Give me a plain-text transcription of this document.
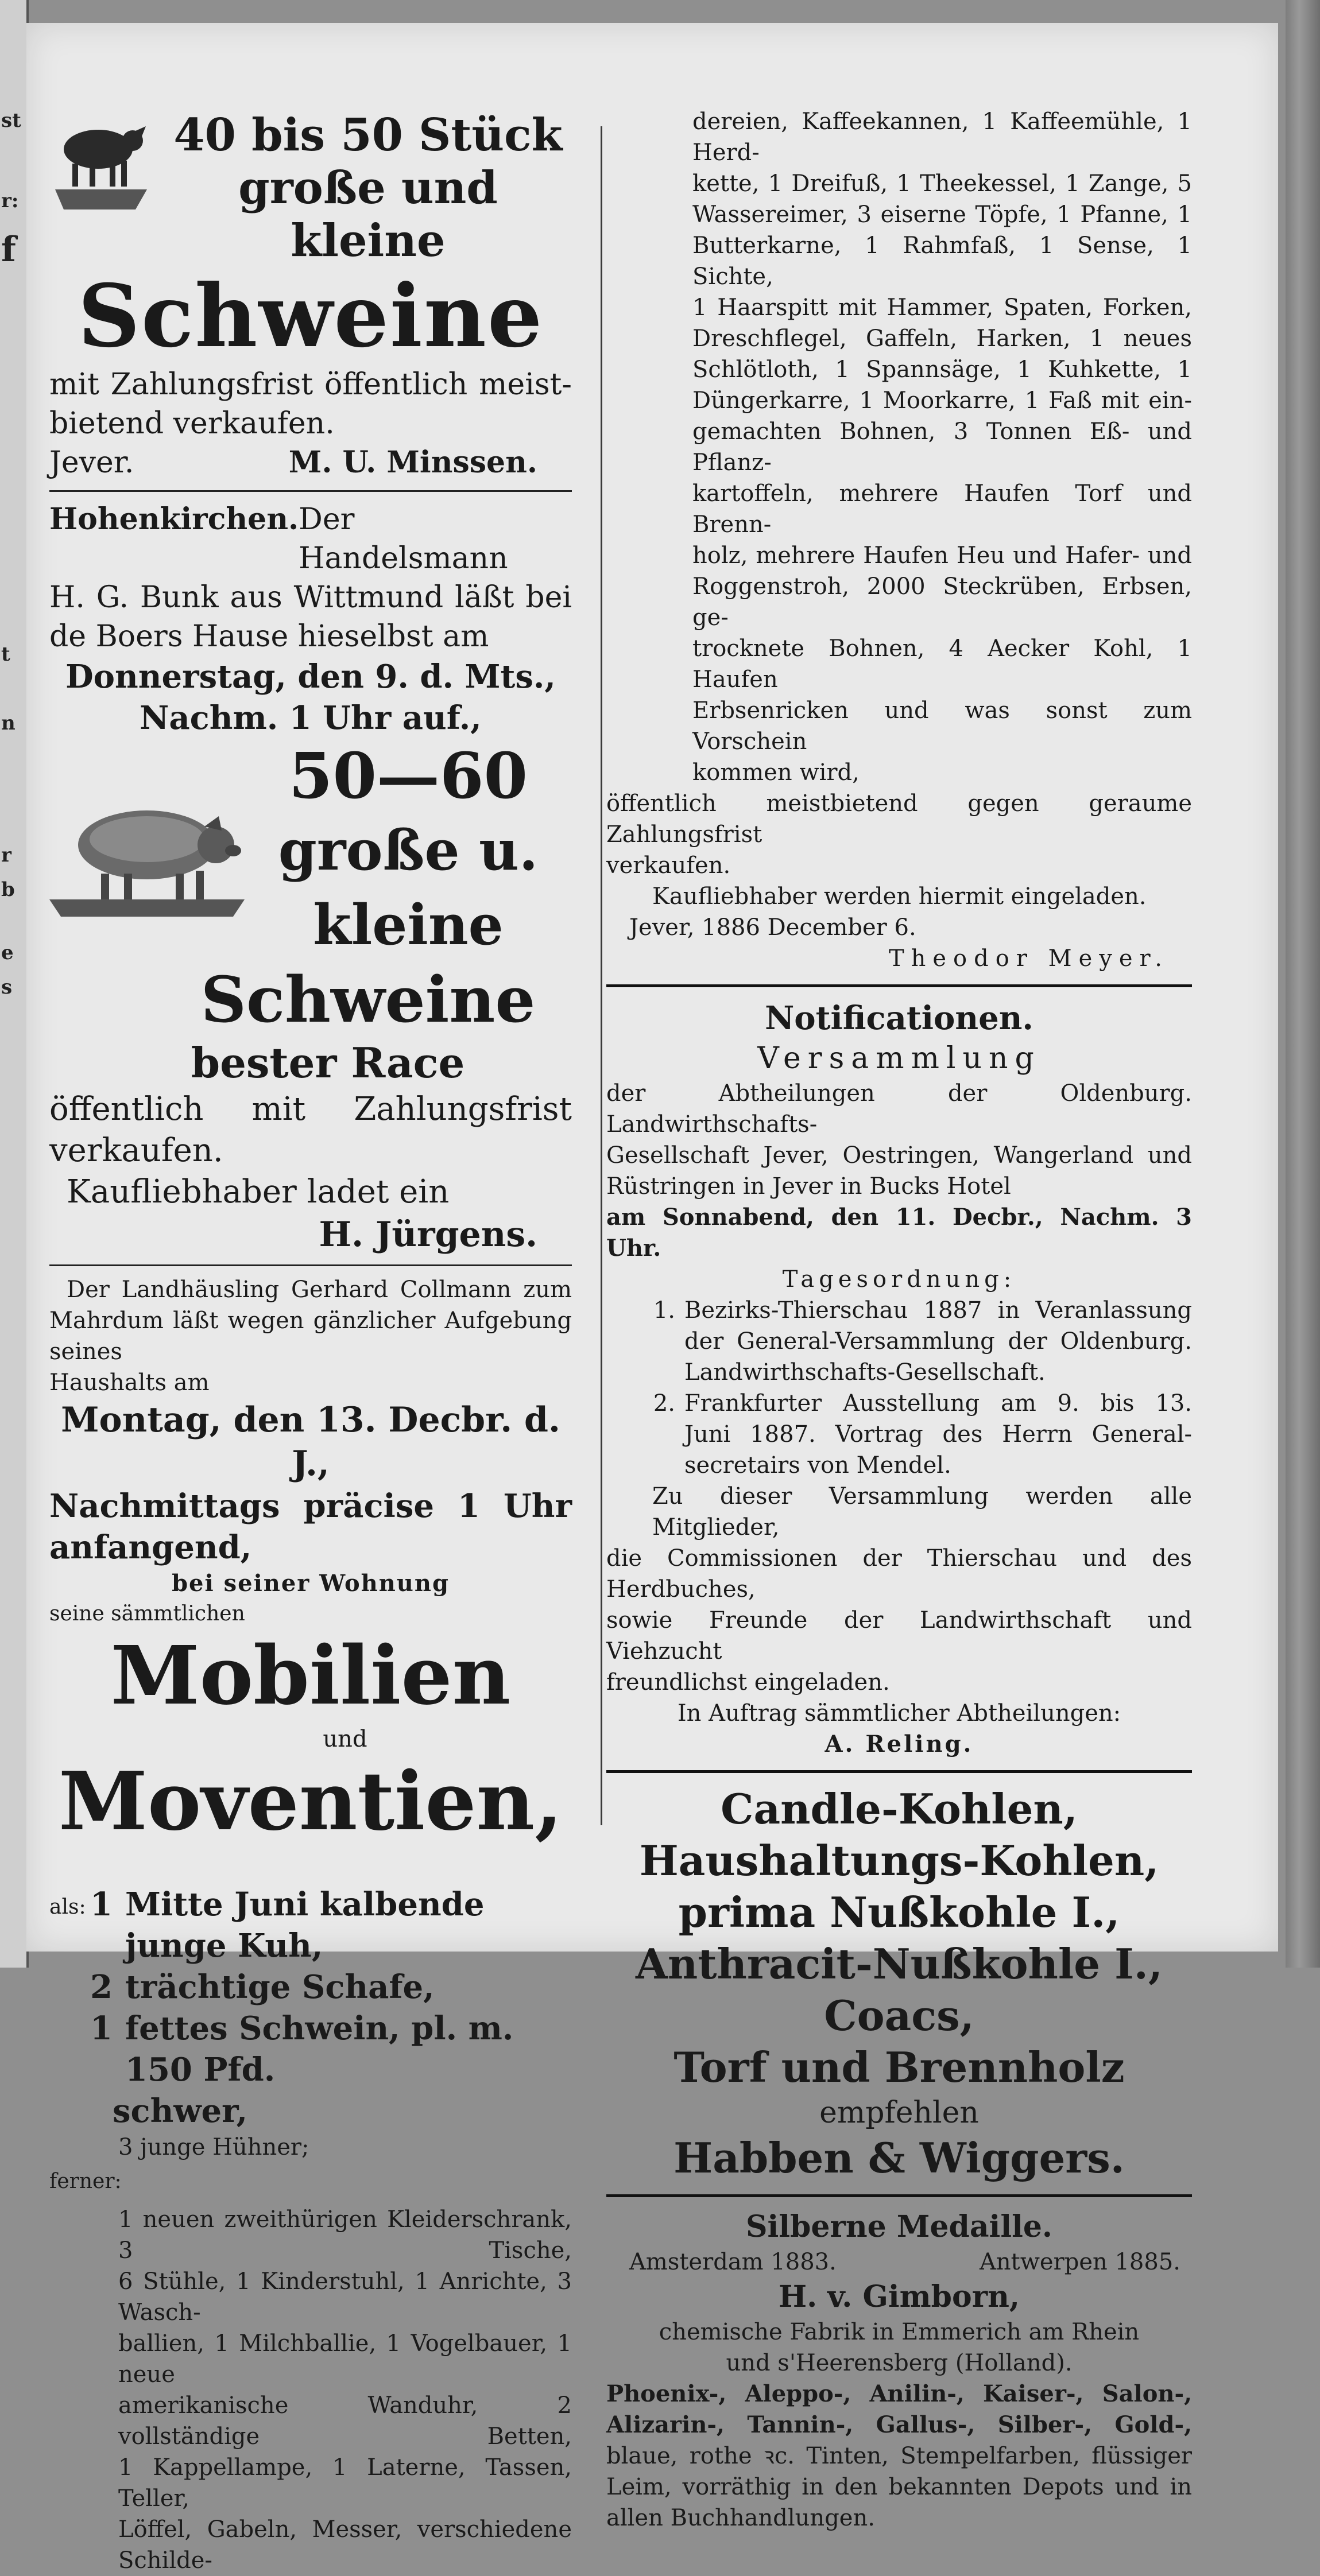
st
r:
f
t
n
r
b
e
s
40 bis 50 Stück
große und kleine
Schweine
mit Zahlungsfrist öffentlich meist-
bietend verkaufen.
Jever.	M. U. Minssen.
Hohenkirchen. Der Handelsmann
H. G. Bunk aus Wittmund läßt bei
de Boers Hause hieselbst am
Donnerstag, den 9. d. Mts.,
Nachm. 1 Uhr auf.,
50—60
große u. kleine
Schweine
bester Race
öffentlich mit Zahlungsfrist verkaufen.
Kaufliebhaber ladet ein
H. Jürgens.
Der Landhäusling Gerhard Collmann zum
Mahrdum läßt wegen gänzlicher Aufgebung seines
Haushalts am
Montag, den 13. Decbr. d. J.,
Nachmittags präcise 1 Uhr anfangend,
bei seiner Wohnung
seine sämmtlichen
Mobilien
und
Moventien,
als: 1 Mitte Juni kalbende junge Kuh,
2 trächtige Schafe,
1 fettes Schwein, pl. m. 150 Pfd.
schwer,
3 junge Hühner;
ferner:
1 neuen zweithürigen Kleiderschrank, 3 Tische,
6 Stühle, 1 Kinderstuhl, 1 Anrichte, 3 Wasch-
ballien, 1 Milchballie, 1 Vogelbauer, 1 neue
amerikanische Wanduhr, 2 vollständige Betten,
1 Kappellampe, 1 Laterne, Tassen, Teller,
Löffel, Gabeln, Messer, verschiedene Schilde-
dereien, Kaffeekannen, 1 Kaffeemühle, 1 Herd-
kette, 1 Dreifuß, 1 Theekessel, 1 Zange, 5
Wassereimer, 3 eiserne Töpfe, 1 Pfanne, 1
Butterkarne, 1 Rahmfaß, 1 Sense, 1 Sichte,
1 Haarspitt mit Hammer, Spaten, Forken,
Dreschflegel, Gaffeln, Harken, 1 neues
Schlötloth, 1 Spannsäge, 1 Kuhkette, 1
Düngerkarre, 1 Moorkarre, 1 Faß mit ein-
gemachten Bohnen, 3 Tonnen Eß- und Pflanz-
kartoffeln, mehrere Haufen Torf und Brenn-
holz, mehrere Haufen Heu und Hafer- und
Roggenstroh, 2000 Steckrüben, Erbsen, ge-
trocknete Bohnen, 4 Aecker Kohl, 1 Haufen
Erbsenricken und was sonst zum Vorschein
kommen wird,
öffentlich meistbietend gegen geraume Zahlungsfrist
verkaufen.
Kaufliebhaber werden hiermit eingeladen.
Jever, 1886 December 6.
Theodor Meyer.
Notificationen.
Versammlung
der Abtheilungen der Oldenburg. Landwirthschafts-
Gesellschaft Jever, Oestringen, Wangerland und
Rüstringen in Jever in Bucks Hotel
am Sonnabend, den 11. Decbr., Nachm. 3 Uhr.
Tagesordnung:
1. Bezirks-Thierschau 1887 in Veranlassung
der General-Versammlung der Oldenburg.
Landwirthschafts-Gesellschaft.
2. Frankfurter Ausstellung am 9. bis 13.
Juni 1887. Vortrag des Herrn General-
secretairs von Mendel.
Zu dieser Versammlung werden alle Mitglieder,
die Commissionen der Thierschau und des Herdbuches,
sowie Freunde der Landwirthschaft und Viehzucht
freundlichst eingeladen.
In Auftrag sämmtlicher Abtheilungen:
A. Reling.
Candle-Kohlen,
Haushaltungs-Kohlen,
prima Nußkohle I.,
Anthracit-Nußkohle I.,
Coacs,
Torf und Brennholz
empfehlen
Habben & Wiggers.
Silberne Medaille.
Amsterdam 1883.	Antwerpen 1885.
H. v. Gimborn,
chemische Fabrik in Emmerich am Rhein
und s'Heerensberg (Holland).
Phoenix-, Aleppo-, Anilin-, Kaiser-, Salon-,
Alizarin-, Tannin-, Gallus-, Silber-, Gold-,
blaue, rothe ꝛc. Tinten, Stempelfarben, flüssiger
Leim, vorräthig in den bekannten Depots und in
allen Buchhandlungen.
